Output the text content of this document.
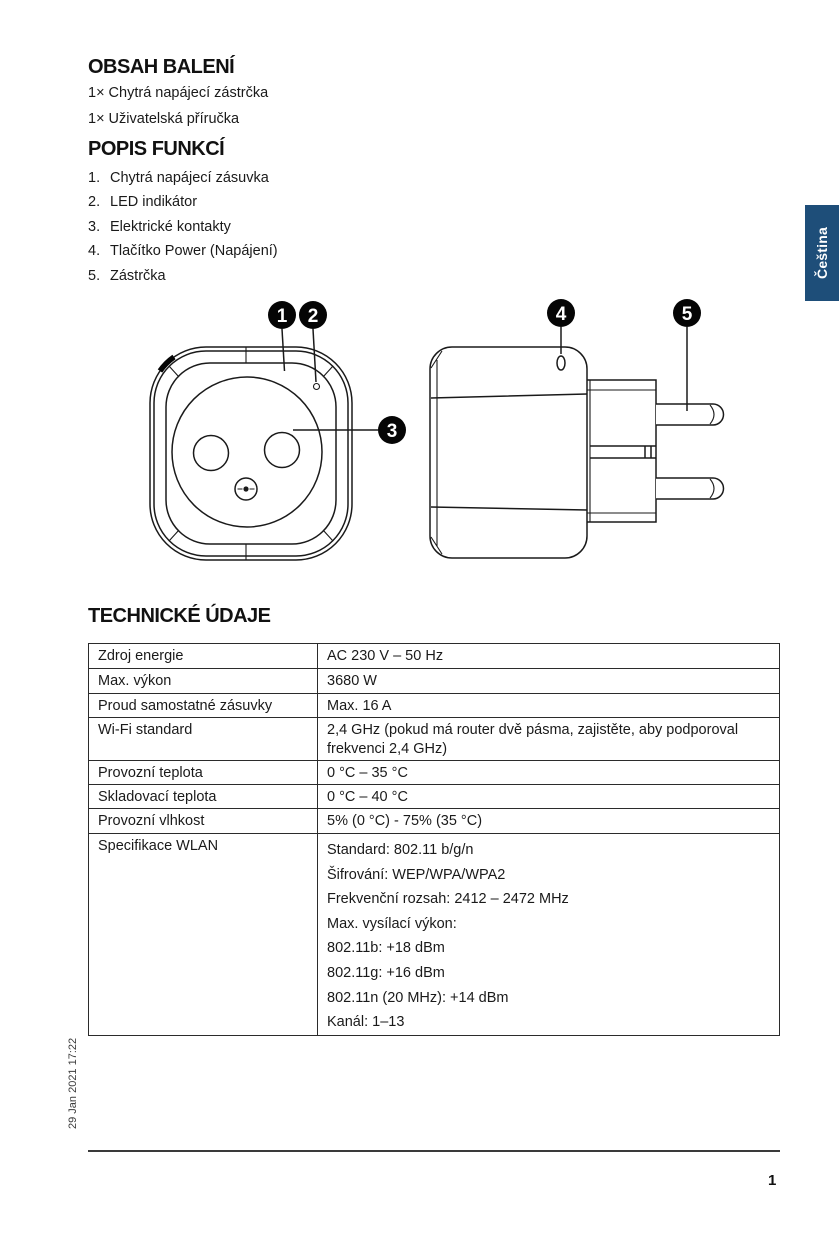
OBSAH BALENÍ
1× Chytrá napájecí zástrčka
1× Uživatelská příručka
POPIS FUNKCÍ
1. Chytrá napájecí zásuvka
2. LED indikátor
3. Elektrické kontakty
4. Tlačítko Power (Napájení)
5. Zástrčka	Čeština
1 2
3
4	5
TECHNICKÉ ÚDAJE
Zdroj energie	AC 230 V – 50 Hz
Max. výkon	3680 W
Proud samostatné zásuvky	Max. 16 A
Wi-Fi standard	2,4 GHz (pokud má router dvě pásma, zajistěte, aby podporoval frekvenci 2,4 GHz)
Provozní teplota	0 °C – 35 °C
Skladovací teplota	0 °C – 40 °C
Provozní vlhkost	5% (0 °C) - 75% (35 °C)
Specifikace WLAN	Standard: 802.11 b/g/n
Šifrování: WEP/WPA/WPA2
Frekvenční rozsah: 2412 – 2472 MHz
Max. vysílací výkon:
802.11b: +18 dBm
802.11g: +16 dBm
802.11n (20 MHz): +14 dBm
Kanál: 1–13
29 Jan 2021 17:22
1
